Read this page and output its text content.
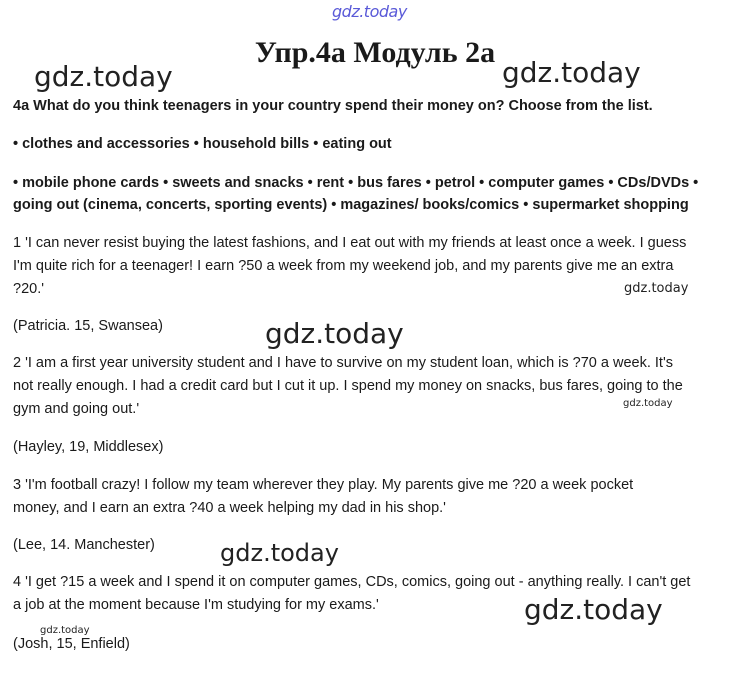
gdz.today
gdz.today	gdz.today
gdz.today
gdz.today
gdz.today
gdz.today
gdz.today
gdz.today
Упр.4а Модуль 2а

4a What do you think teenagers in your country spend their money on? Choose from the list.

• clothes and accessories • household bills • eating out

• mobile phone cards • sweets and snacks • rent • bus fares • petrol • computer games • CDs/DVDs •

going out (cinema, concerts, sporting events) • magazines/ books/comics • supermarket shopping

1 'I can never resist buying the latest fashions, and I eat out with my friends at least once a week. I guess

I'm quite rich for a teenager! I earn ?50 a week from my weekend job, and my parents give me an extra

?20.'

(Patricia. 15, Swansea)

2 'I am a first year university student and I have to survive on my student loan, which is ?70 a week. It's

not really enough. I had a credit card but I cut it up. I spend my money on snacks, bus fares, going to the

gym and going out.'

(Hayley, 19, Middlesex)

3 'I'm football crazy! I follow my team wherever they play. My parents give me ?20 a week pocket

money, and I earn an extra ?40 a week helping my dad in his shop.'

(Lee, 14. Manchester)

4 'I get ?15 a week and I spend it on computer games, CDs, comics, going out - anything really. I can't get

a job at the moment because I'm studying for my exams.'

(Josh, 15, Enfield)
